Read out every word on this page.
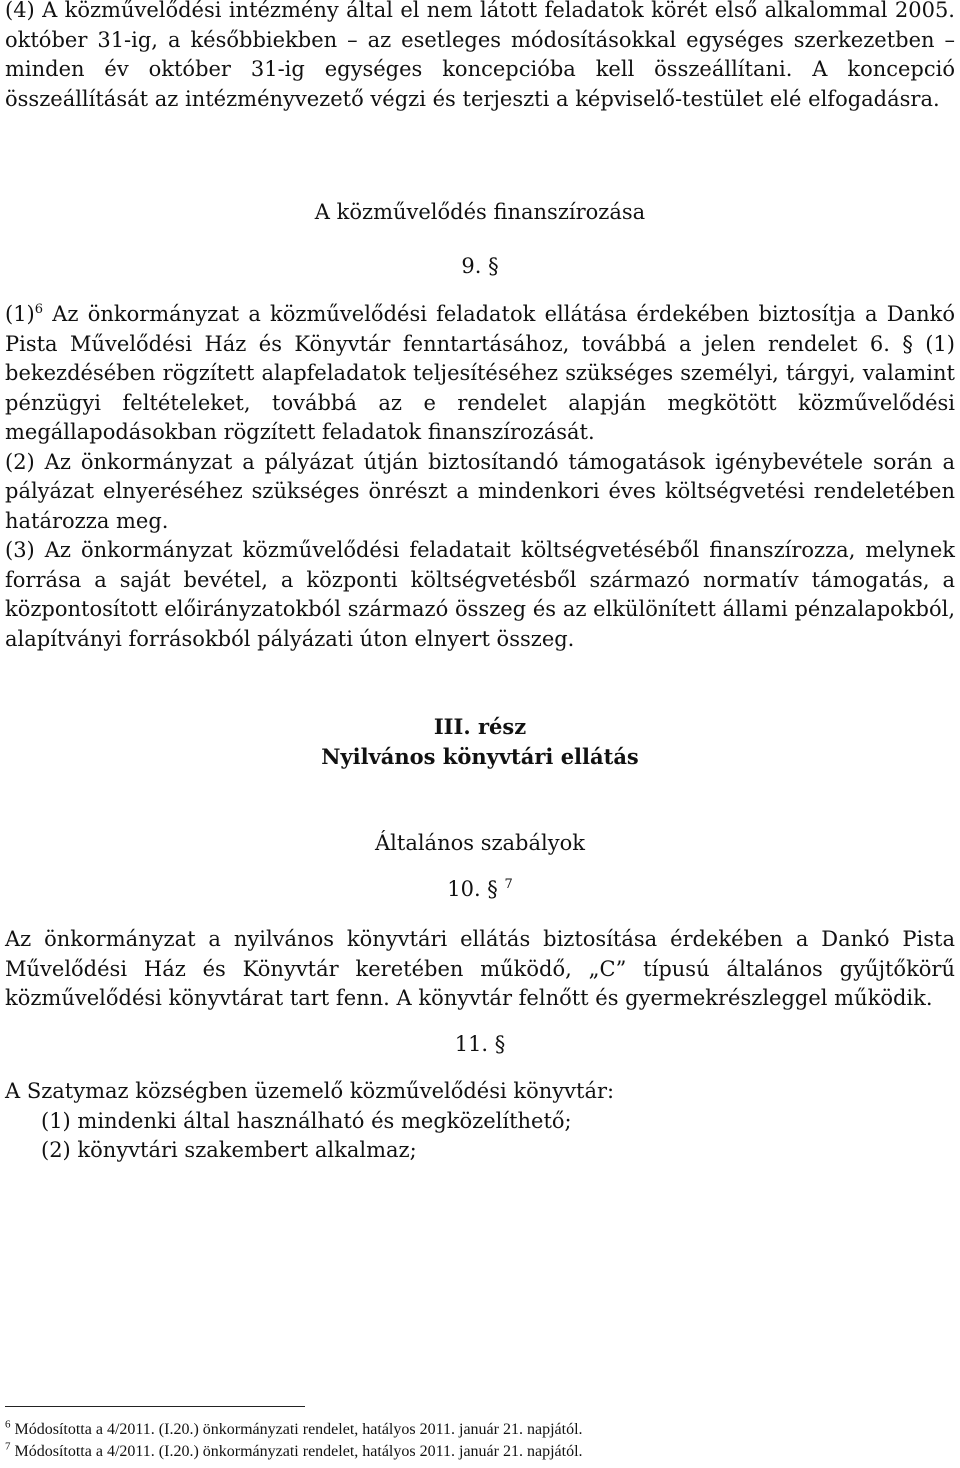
(4) A közművelődési intézmény által el nem látott feladatok körét első alkalommal 2005. október 31-ig, a későbbiekben – az esetleges módosításokkal egységes szerkezetben – minden év október 31-ig egységes koncepcióba kell összeállítani. A koncepció összeállítását az intézményvezető végzi és terjeszti a képviselő-testület elé elfogadásra.

A közművelődés finanszírozása

9. §

$(1)^6$ Az önkormányzat a közművelődési feladatok ellátása érdekében biztosítja a Dankó Pista Művelődési Ház és Könyvtár fenntartásához, továbbá a jelen rendelet 6. § (1) bekezdésében rögzített alapfeladatok teljesítéséhez szükséges személyi, tárgyi, valamint pénzügyi feltételeket, továbbá az e rendelet alapján megkötött közművelődési megállapodásokban rögzített feladatok finanszírozását.

(2) Az önkormányzat a pályázat útján biztosítandó támogatások igénybevétele során a pályázat elnyeréséhez szükséges önrészt a mindenkori éves költségvetési rendeletében határozza meg.

(3) Az önkormányzat közművelődési feladatait költségvetéséből finanszírozza, melynek forrása a saját bevétel, a központi költségvetésből származó normatív támogatás, a központosított előirányzatokból származó összeg és az elkülönített állami pénzalapokból, alapítványi forrásokból pályázati úton elnyert összeg.

III. rész

Nyilvános könyvtári ellátás

Általános szabályok

10. § $^7$

Az önkormányzat a nyilvános könyvtári ellátás biztosítása érdekében a Dankó Pista Művelődési Ház és Könyvtár keretében működő, „C” típusú általános gyűjtőkörű közművelődési könyvtárat tart fenn. A könyvtár felnőtt és gyermekrészleggel működik.

11. §

A Szatymaz községben üzemelő közművelődési könyvtár:

(1) mindenki által használható és megközelíthető;

(2) könyvtári szakembert alkalmaz;

$^6$ Módosította a 4/2011. (I.20.) önkormányzati rendelet, hatályos 2011. január 21. napjától.
$^7$ Módosította a 4/2011. (I.20.) önkormányzati rendelet, hatályos 2011. január 21. napjától.
